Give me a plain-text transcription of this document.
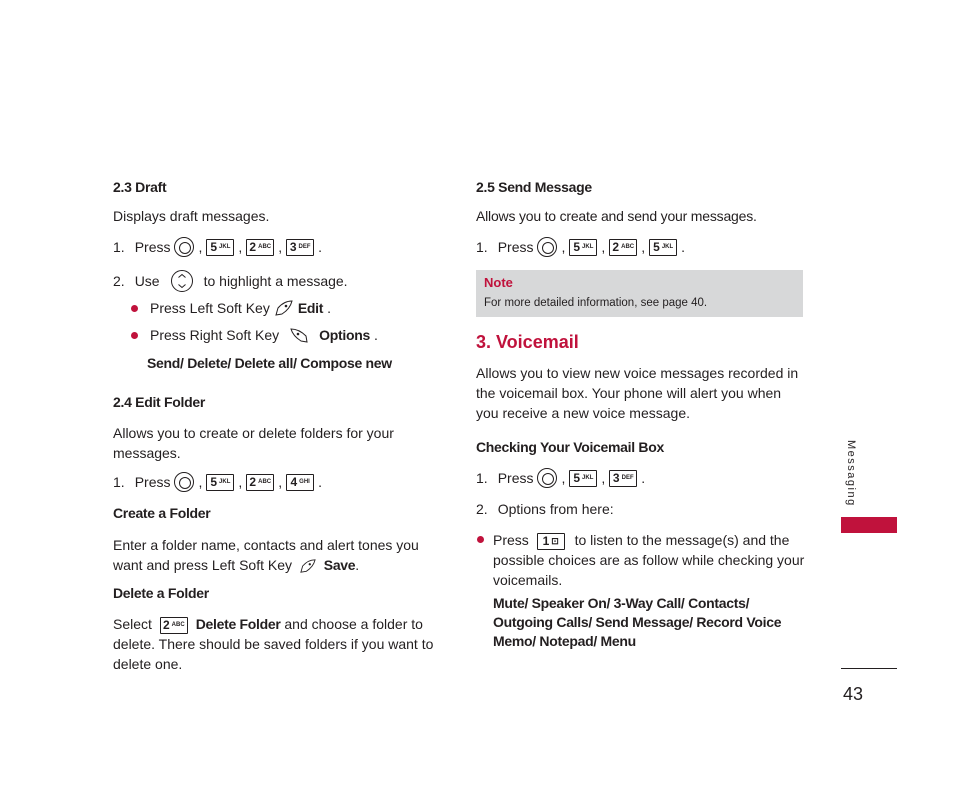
2.3 Draft
Displays draft messages.
1. Press , 5 JKL , 2 ABC , 3 DEF .
2. Use	to highlight a message.
Press Left Soft Key Edit .
Press Right Soft Key	Options .
Send/ Delete/ Delete all/ Compose new
2.4 Edit Folder
Allows you to create or delete folders for your messages.
1. Press , 5 JKL , 2 ABC , 4 GHI .
Create a Folder
Enter a folder name, contacts and alert tones you want and press Left Soft Key Save.
Delete a Folder
Select 2 ABC Delete Folder and choose a folder to delete. There should be saved folders if you want to delete one.
2.5 Send Message
Allows you to create and send your messages.
1. Press , 5 JKL , 2 ABC , 5 JKL .
Note
For more detailed information, see page 40.
3. Voicemail
Allows you to view new voice messages recorded in the voicemail box. Your phone will alert you when you receive a new voice message.
Checking Your Voicemail Box
1. Press , 5 JKL , 3 DEF .
2. Options from here:
Press 1 ⊡ to listen to the message(s) and the possible choices are as follow while checking your voicemails.
Mute/ Speaker On/ 3-Way Call/ Contacts/ Outgoing Calls/ Send Message/ Record Voice Memo/ Notepad/ Menu
Messaging
43
